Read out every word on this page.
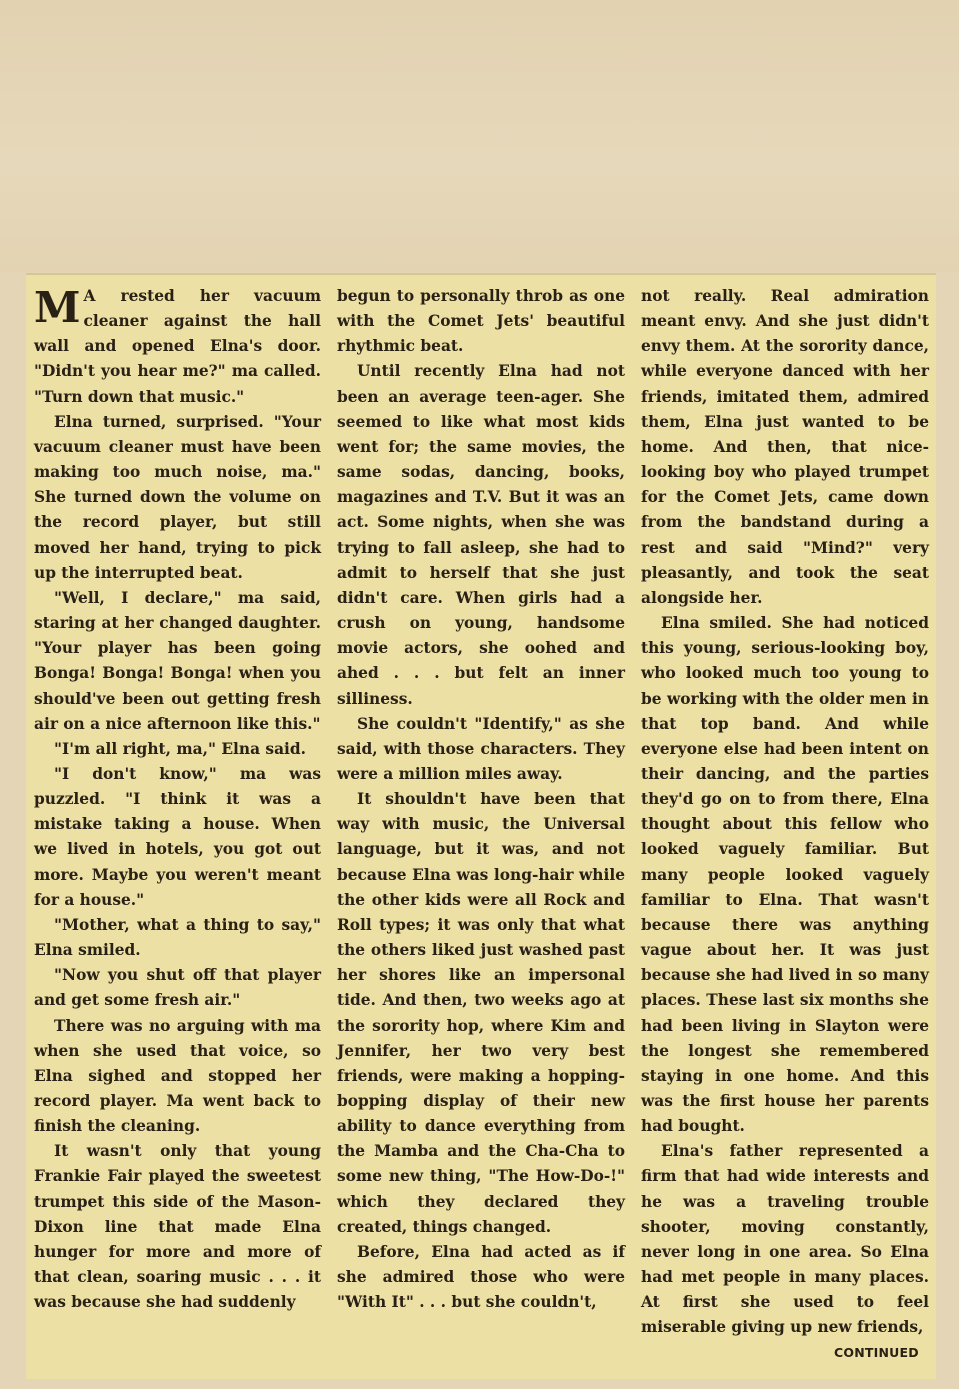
M A rested her vacuum cleaner against the hall wall and opened Elna's door. "Didn't you hear me?" ma called. "Turn down that music."

Elna turned, surprised. "Your vacuum cleaner must have been making too much noise, ma." She turned down the volume on the record player, but still moved her hand, trying to pick up the interrupted beat.

"Well, I declare," ma said, staring at her changed daughter. "Your player has been going Bonga! Bonga! Bonga! when you should've been out getting fresh air on a nice afternoon like this."

"I'm all right, ma," Elna said.

"I don't know," ma was puzzled. "I think it was a mistake taking a house. When we lived in hotels, you got out more. Maybe you weren't meant for a house."

"Mother, what a thing to say," Elna smiled.

"Now you shut off that player and get some fresh air."

There was no arguing with ma when she used that voice, so Elna sighed and stopped her record player. Ma went back to finish the cleaning.

It wasn't only that young Frankie Fair played the sweetest trumpet this side of the Mason-Dixon line that made Elna hunger for more and more of that clean, soaring music . . . it was because she had suddenly

begun to personally throb as one with the Comet Jets' beautiful rhythmic beat.

Until recently Elna had not been an average teen-ager. She seemed to like what most kids went for; the same movies, the same sodas, dancing, books, magazines and T.V. But it was an act. Some nights, when she was trying to fall asleep, she had to admit to herself that she just didn't care. When girls had a crush on young, handsome movie actors, she oohed and ahed . . . but felt an inner silliness.

She couldn't "Identify," as she said, with those characters. They were a million miles away.

It shouldn't have been that way with music, the Universal language, but it was, and not because Elna was long-hair while the other kids were all Rock and Roll types; it was only that what the others liked just washed past her shores like an impersonal tide. And then, two weeks ago at the sorority hop, where Kim and Jennifer, her two very best friends, were making a hopping-bopping display of their new ability to dance everything from the Mamba and the Cha-Cha to some new thing, "The How-Do-!" which they declared they created, things changed.

Before, Elna had acted as if she admired those who were "With It" . . . but she couldn't,

not really. Real admiration meant envy. And she just didn't envy them. At the sorority dance, while everyone danced with her friends, imitated them, admired them, Elna just wanted to be home. And then, that nice-looking boy who played trumpet for the Comet Jets, came down from the bandstand during a rest and said "Mind?" very pleasantly, and took the seat alongside her.

Elna smiled. She had noticed this young, serious-looking boy, who looked much too young to be working with the older men in that top band. And while everyone else had been intent on their dancing, and the parties they'd go on to from there, Elna thought about this fellow who looked vaguely familiar. But many people looked vaguely familiar to Elna. That wasn't because there was anything vague about her. It was just because she had lived in so many places. These last six months she had been living in Slayton were the longest she remembered staying in one home. And this was the first house her parents had bought.

Elna's father represented a firm that had wide interests and he was a traveling trouble shooter, moving constantly, never long in one area. So Elna had met people in many places. At first she used to feel miserable giving up new friends,

CONTINUED
